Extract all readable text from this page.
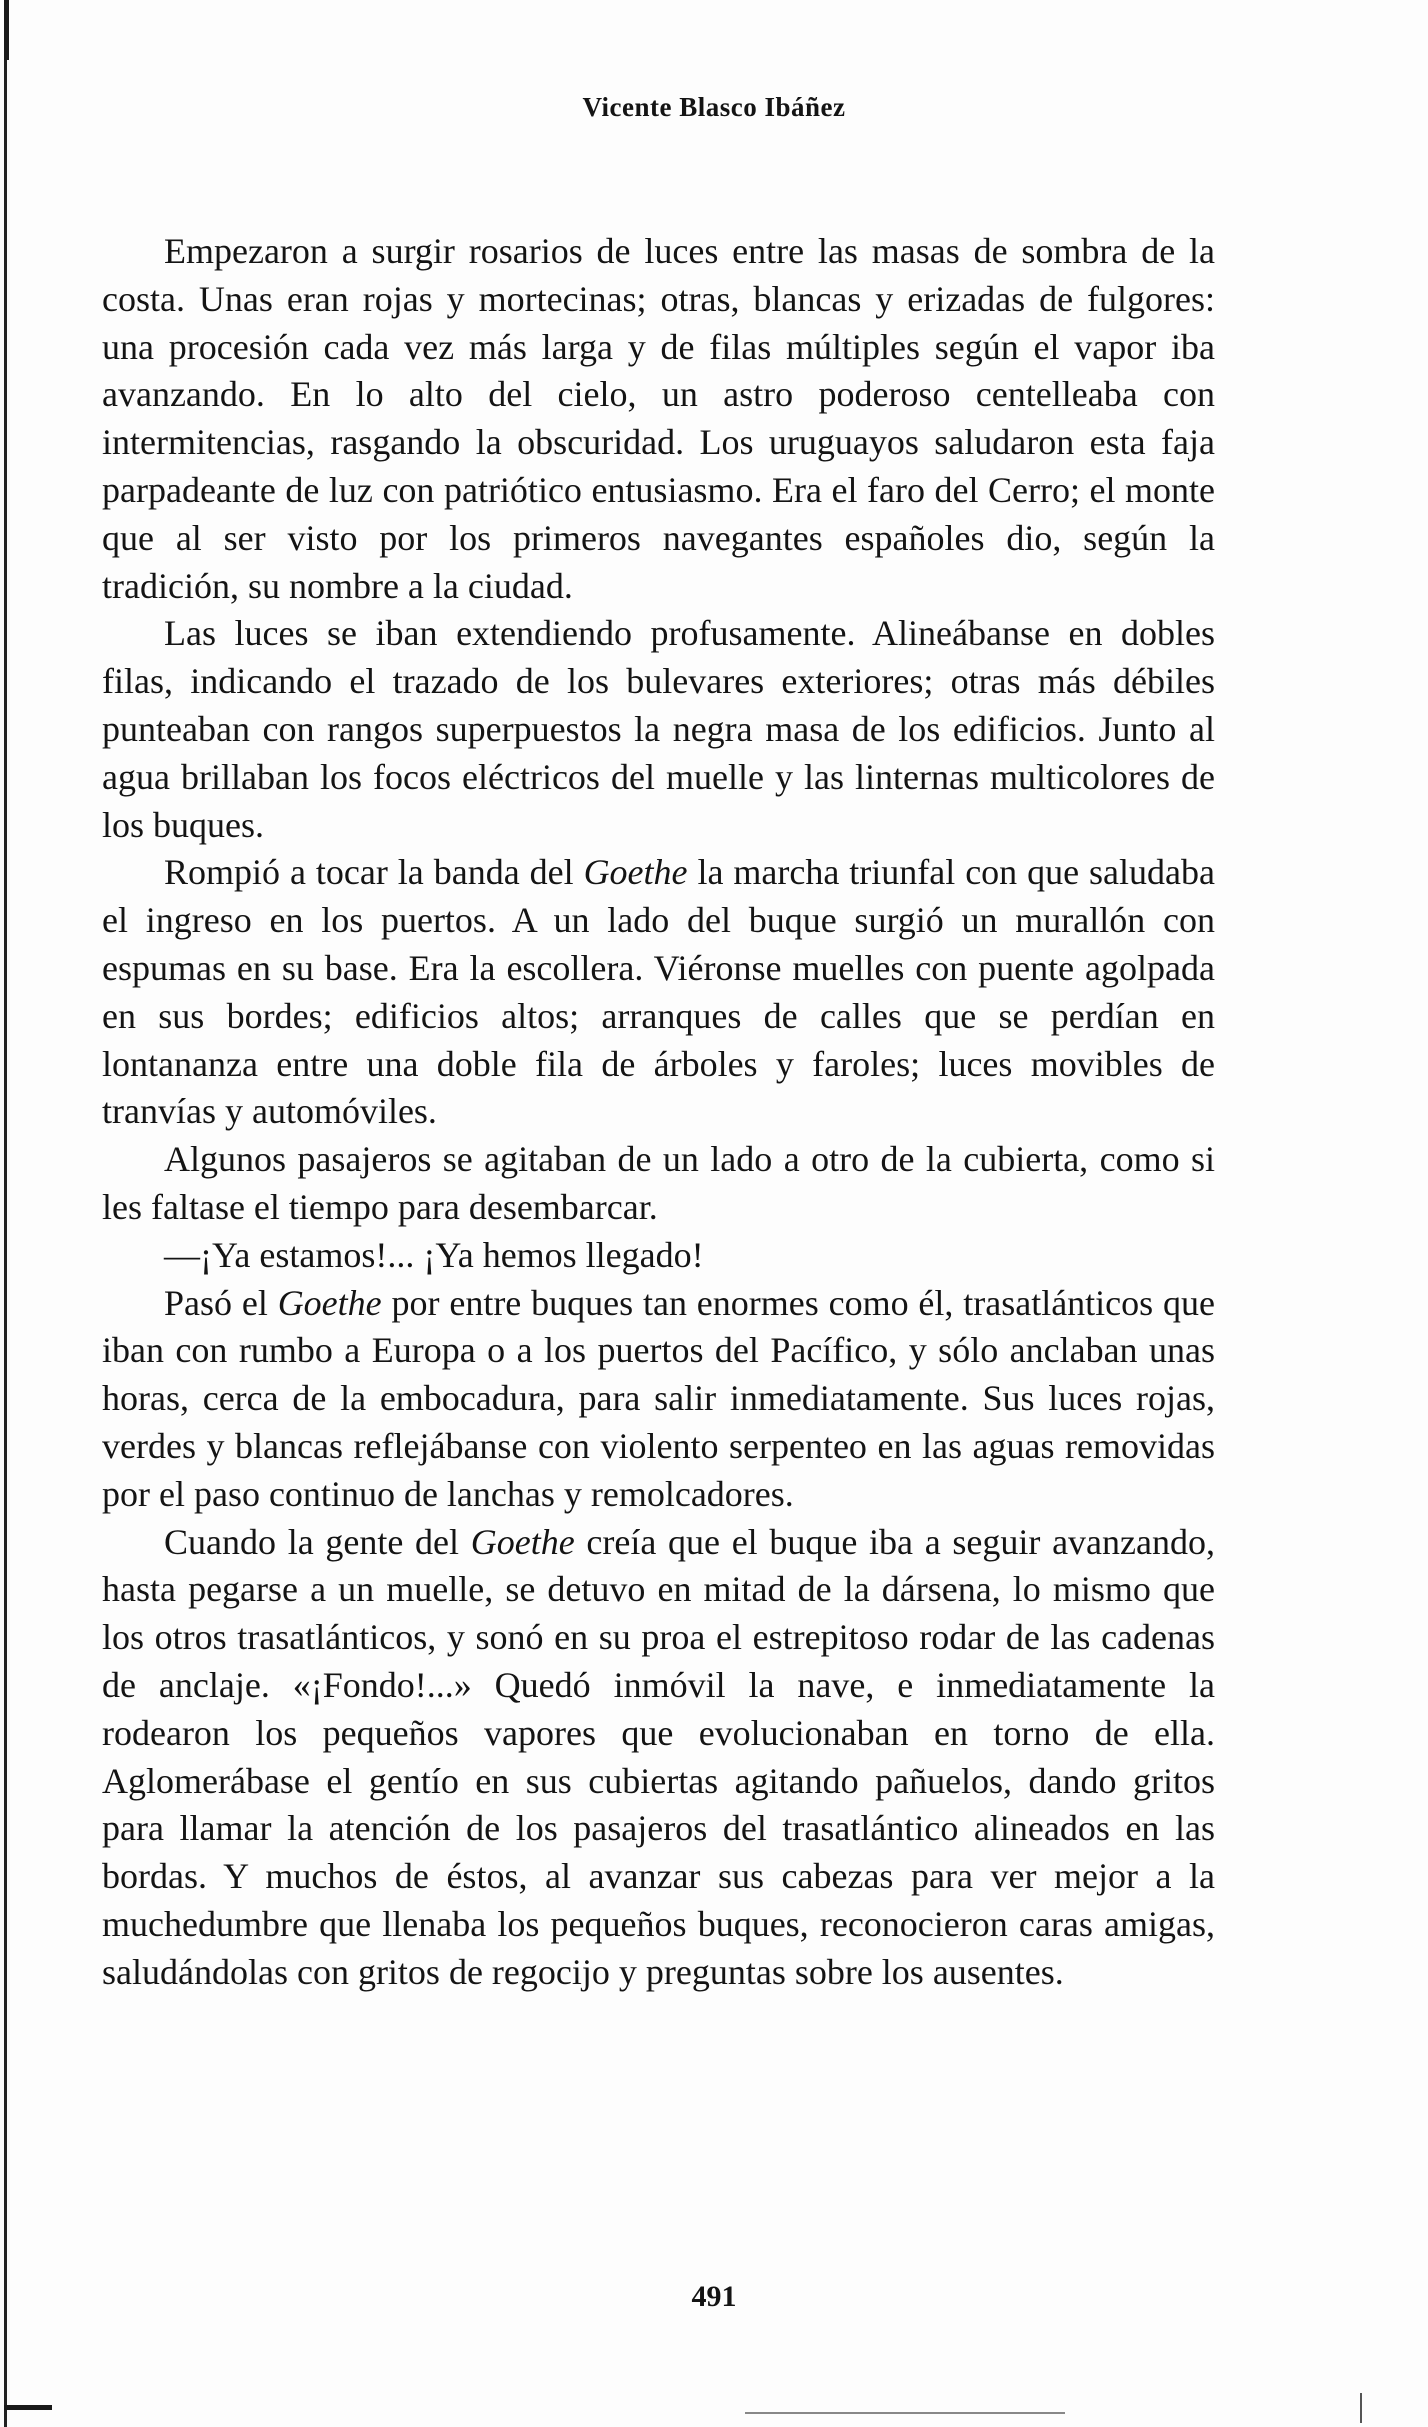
Vicente Blasco Ibáñez

Empezaron a surgir rosarios de luces entre las masas de sombra de la costa. Unas eran rojas y mortecinas; otras, blancas y erizadas de fulgores: una procesión cada vez más larga y de filas múltiples según el vapor iba avanzando. En lo alto del cielo, un astro poderoso centelleaba con intermitencias, rasgando la obscuridad. Los uruguayos saludaron esta faja parpadeante de luz con patriótico entusiasmo. Era el faro del Cerro; el monte que al ser visto por los primeros navegantes españoles dio, según la tradición, su nombre a la ciudad.

Las luces se iban extendiendo profusamente. Alineábanse en dobles filas, indicando el trazado de los bulevares exteriores; otras más débiles punteaban con rangos superpuestos la negra masa de los edificios. Junto al agua brillaban los focos eléctricos del muelle y las linternas multicolores de los buques.

Rompió a tocar la banda del Goethe la marcha triunfal con que saludaba el ingreso en los puertos. A un lado del buque surgió un murallón con espumas en su base. Era la escollera. Viéronse muelles con puente agolpada en sus bordes; edificios altos; arranques de calles que se perdían en lontananza entre una doble fila de árboles y faroles; luces movibles de tranvías y automóviles.

Algunos pasajeros se agitaban de un lado a otro de la cubierta, como si les faltase el tiempo para desembarcar.

—¡Ya estamos!... ¡Ya hemos llegado!

Pasó el Goethe por entre buques tan enormes como él, trasatlánticos que iban con rumbo a Europa o a los puertos del Pacífico, y sólo anclaban unas horas, cerca de la embocadura, para salir inmediatamente. Sus luces rojas, verdes y blancas reflejábanse con violento serpenteo en las aguas removidas por el paso continuo de lanchas y remolcadores.

Cuando la gente del Goethe creía que el buque iba a seguir avanzando, hasta pegarse a un muelle, se detuvo en mitad de la dársena, lo mismo que los otros trasatlánticos, y sonó en su proa el estrepitoso rodar de las cadenas de anclaje. «¡Fondo!...» Quedó inmóvil la nave, e inmediatamente la rodearon los pequeños vapores que evolucionaban en torno de ella. Aglomerábase el gentío en sus cubiertas agitando pañuelos, dando gritos para llamar la atención de los pasajeros del trasatlántico alineados en las bordas. Y muchos de éstos, al avanzar sus cabezas para ver mejor a la muchedumbre que llenaba los pequeños buques, reconocieron caras amigas, saludándolas con gritos de regocijo y preguntas sobre los ausentes.

491
